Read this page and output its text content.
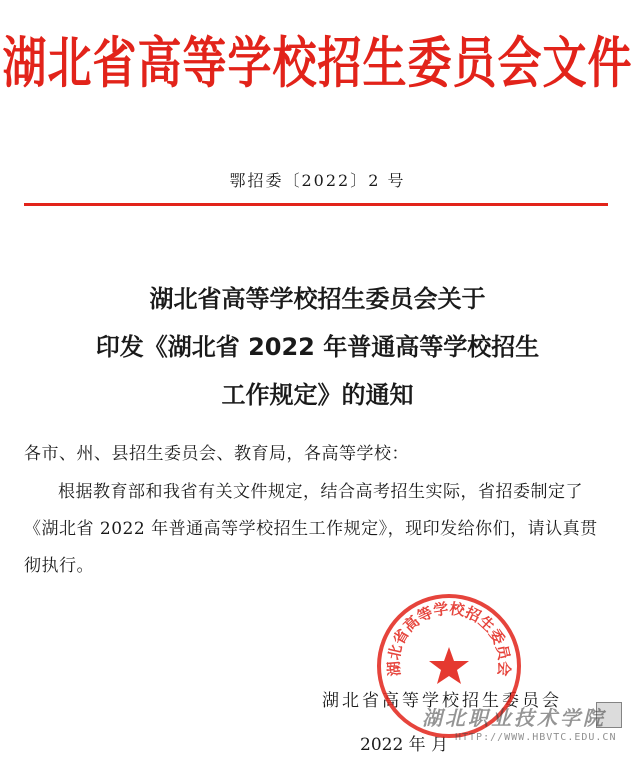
湖北省高等学校招生委员会文件
鄂招委〔2022〕2 号
湖北省高等学校招生委员会关于
印发《湖北省 2022 年普通高等学校招生
工作规定》的通知
各市、州、县招生委员会、教育局，各高等学校：
根据教育部和我省有关文件规定，结合高考招生实际，省招委制定了《湖北省 2022 年普通高等学校招生工作规定》，现印发给你们，请认真贯彻执行。
湖北省高等学校招生委员会
2022 年 月
湖北省高等学校招生委员会
湖北职业技术学院
HTTP://WWW.HBVTC.EDU.CN
